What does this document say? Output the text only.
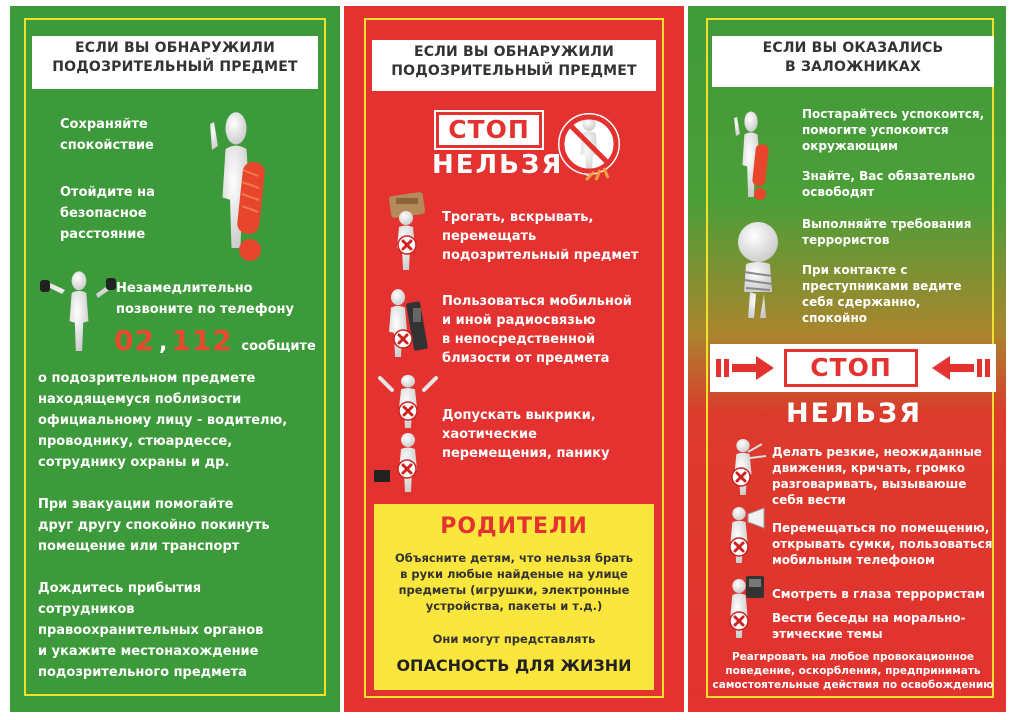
ЕСЛИ ВЫ ОБНАРУЖИЛИ
ПОДОЗРИТЕЛЬНЫЙ ПРЕДМЕТ

Сохраняйте
спокойствие

Отойдите на
безопасное
расстояние

Незамедлительно
позвоните по телефону

02 , 112 сообщите

о подозрительном предмете
находящемуся поблизости
официальному лицу - водителю,
проводнику, стюардессе,
сотруднику охраны и др.

При эвакуации помогайте
друг другу спокойно покинуть
помещение или транспорт

Дождитесь прибытия
сотрудников
правоохранительных органов
и укажите местонахождение
подозрительного предмета

ЕСЛИ ВЫ ОБНАРУЖИЛИ
ПОДОЗРИТЕЛЬНЫЙ ПРЕДМЕТ
СТОП
НЕЛЬЗЯ

Трогать, вскрывать,
перемещать
подозрительный предмет

Пользоваться мобильной
и иной радиосвязью
в непосредственной
близости от предмета

Допускать выкрики,
хаотические
перемещения, панику

РОДИТЕЛИ
Объясните детям, что нельзя брать
в руки любые найденые на улице
предметы (игрушки, электронные
устройства, пакеты и т.д.)
Они могут представлять
ОПАСНОСТЬ ДЛЯ ЖИЗНИ
ЕСЛИ ВЫ ОКАЗАЛИСЬ
В ЗАЛОЖНИКАХ

Постарайтесь успокоится,
помогите успокоится
окружающим

Знайте, Вас обязательно
освободят

Выполняйте требования
террористов

При контакте с
преступниками ведите
себя сдержанно,
спокойно

СТОП
НЕЛЬЗЯ

Делать резкие, неожиданные
движения, кричать, громко
разговаривать, вызываюше
себя вести

Перемещаться по помещению,
открывать сумки, пользоваться
мобильным телефоном

Смотреть в глаза террористам

Вести беседы на морально-
этические темы

Реагировать на любое провокационное
поведение, оскорбления, предпринимать
самостоятельные действия по освобождению
